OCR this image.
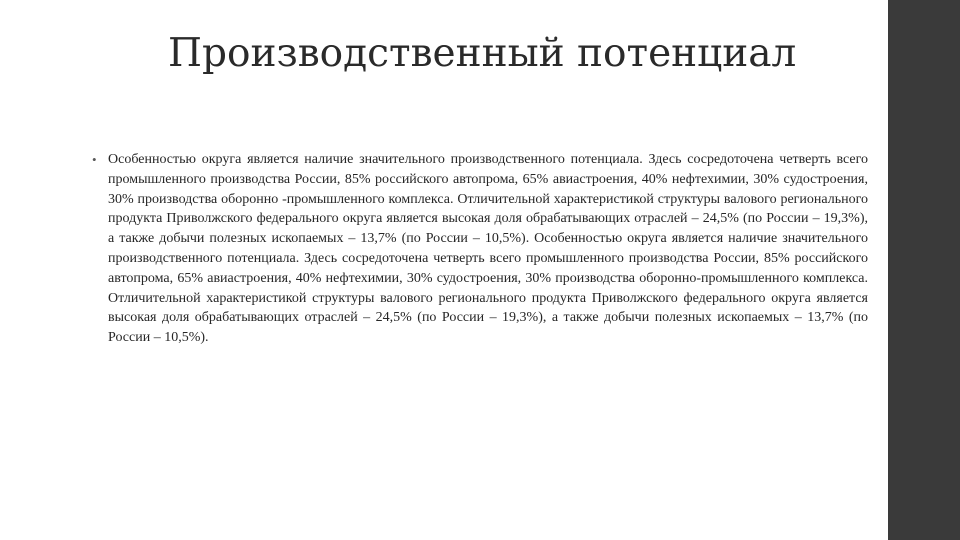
Производственный потенциал
• Особенностью округа является наличие значительного производственного потенциала. Здесь сосредоточена четверть всего промышленного производства России, 85% российского автопрома, 65% авиастроения, 40% нефтехимии, 30% судостроения, 30% производства оборонно -промышленного комплекса. Отличительной характеристикой структуры валового регионального продукта Приволжского федерального округа является высокая доля обрабатывающих отраслей – 24,5% (по России – 19,3%), а также добычи полезных ископаемых – 13,7% (по России – 10,5%). Особенностью округа является наличие значительного производственного потенциала. Здесь сосредоточена четверть всего промышленного производства России, 85% российского автопрома, 65% авиастроения, 40% нефтехимии, 30% судостроения, 30% производства оборонно-промышленного комплекса. Отличительной характеристикой структуры валового регионального продукта Приволжского федерального округа является высокая доля обрабатывающих отраслей – 24,5% (по России – 19,3%), а также добычи полезных ископаемых – 13,7% (по России – 10,5%).
